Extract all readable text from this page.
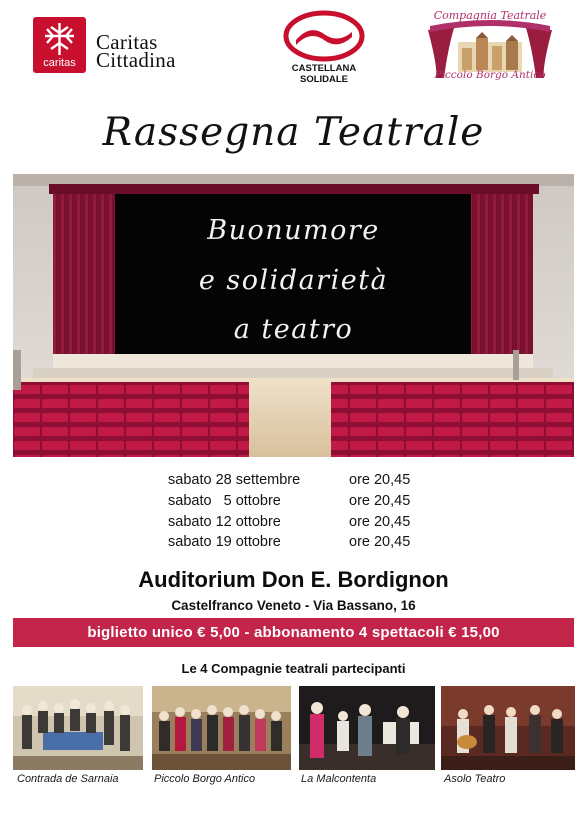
caritas
Caritas
Cittadina	CASTELLANA
SOLIDALE
Compagnia Teatrale
Piccolo Borgo Antico
Rassegna Teatrale
Buonumore
e solidarietà
a teatro
sabato 28 settembre	ore 20,45
sabato   5 ottobre	ore 20,45
sabato 12 ottobre	ore 20,45
sabato 19 ottobre	ore 20,45
Auditorium Don E. Bordignon
Castelfranco Veneto - Via Bassano, 16
biglietto unico € 5,00 - abbonamento 4 spettacoli € 15,00
Le 4 Compagnie teatrali partecipanti
Contrada de Sarnaia	Piccolo Borgo Antico	La Malcontenta	Asolo Teatro
